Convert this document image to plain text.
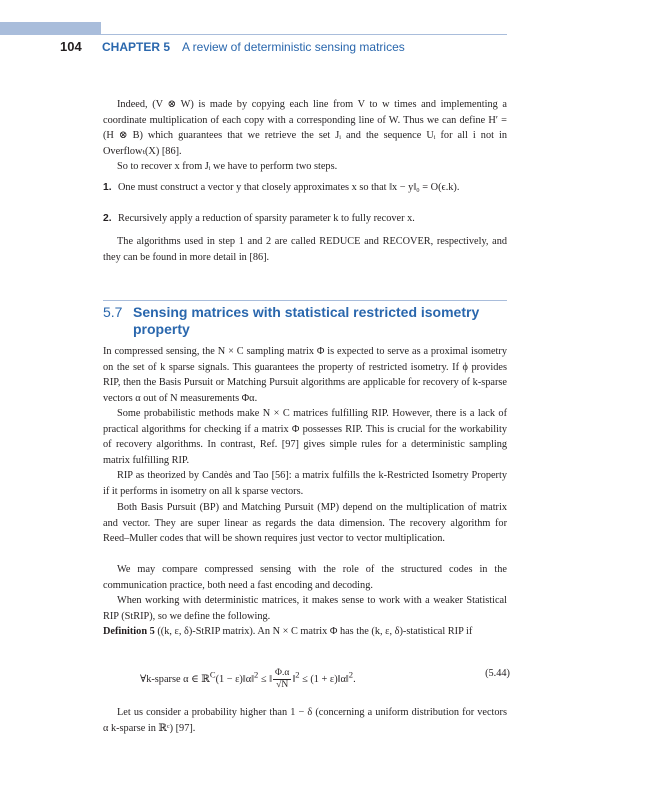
104 CHAPTER 5 A review of deterministic sensing matrices

Indeed, (V ⊗ W) is made by copying each line from V to w times and implementing a coordinate multiplication of each copy with a corresponding line of W. Thus we can define H′ = (H ⊗ B) which guarantees that we retrieve the set Jᵢ and the sequence Uᵢ for all i not in Overflowₜ(X) [86].

So to recover x from Jᵢ we have to perform two steps.

1. One must construct a vector y that closely approximates x so that ‖x − y‖₀ = O(ϵ.k).
2. Recursively apply a reduction of sparsity parameter k to fully recover x.

The algorithms used in step 1 and 2 are called REDUCE and RECOVER, respectively, and they can be found in more detail in [86].

5.7 Sensing matrices with statistical restricted isometry property

In compressed sensing, the N × C sampling matrix Φ is expected to serve as a proximal isometry on the set of k sparse signals. This guarantees the property of restricted isometry. If ϕ provides RIP, then the Basis Pursuit or Matching Pursuit algorithms are applicable for recovery of k-sparse vectors α out of N measurements Φα.

Some probabilistic methods make N × C matrices fulfilling RIP. However, there is a lack of practical algorithms for checking if a matrix Φ possesses RIP. This is crucial for the workability of recovery algorithms. In contrast, Ref. [97] gives simple rules for a deterministic sampling matrix fulfilling RIP.

RIP as theorized by Candès and Tao [56]: a matrix fulfills the k-Restricted Isometry Property if it performs in isometry on all k sparse vectors.

Both Basis Pursuit (BP) and Matching Pursuit (MP) depend on the multiplication of matrix and vector. They are super linear as regards the data dimension. The recovery algorithm for Reed–Muller codes that will be shown requires just vector to vector multiplication.

We may compare compressed sensing with the role of the structured codes in the communication practice, both need a fast encoding and decoding.

When working with deterministic matrices, it makes sense to work with a weaker Statistical RIP (StRIP), so we define the following.

Definition 5 ((k, ε, δ)-StRIP matrix). An N × C matrix Φ has the (k, ε, δ)-statistical RIP if

∀k-sparse α ∈ ℝ$^C$(1 − ε)‖α‖$^2$ ≤ ‖ $\frac{\Phi.\alpha}{√N}$ ‖$^2$ ≤ (1 + ε)‖α‖$^2$.
(5.44)

Let us consider a probability higher than 1 − δ (concerning a uniform distribution for vectors α k-sparse in ℝᶜ) [97].
